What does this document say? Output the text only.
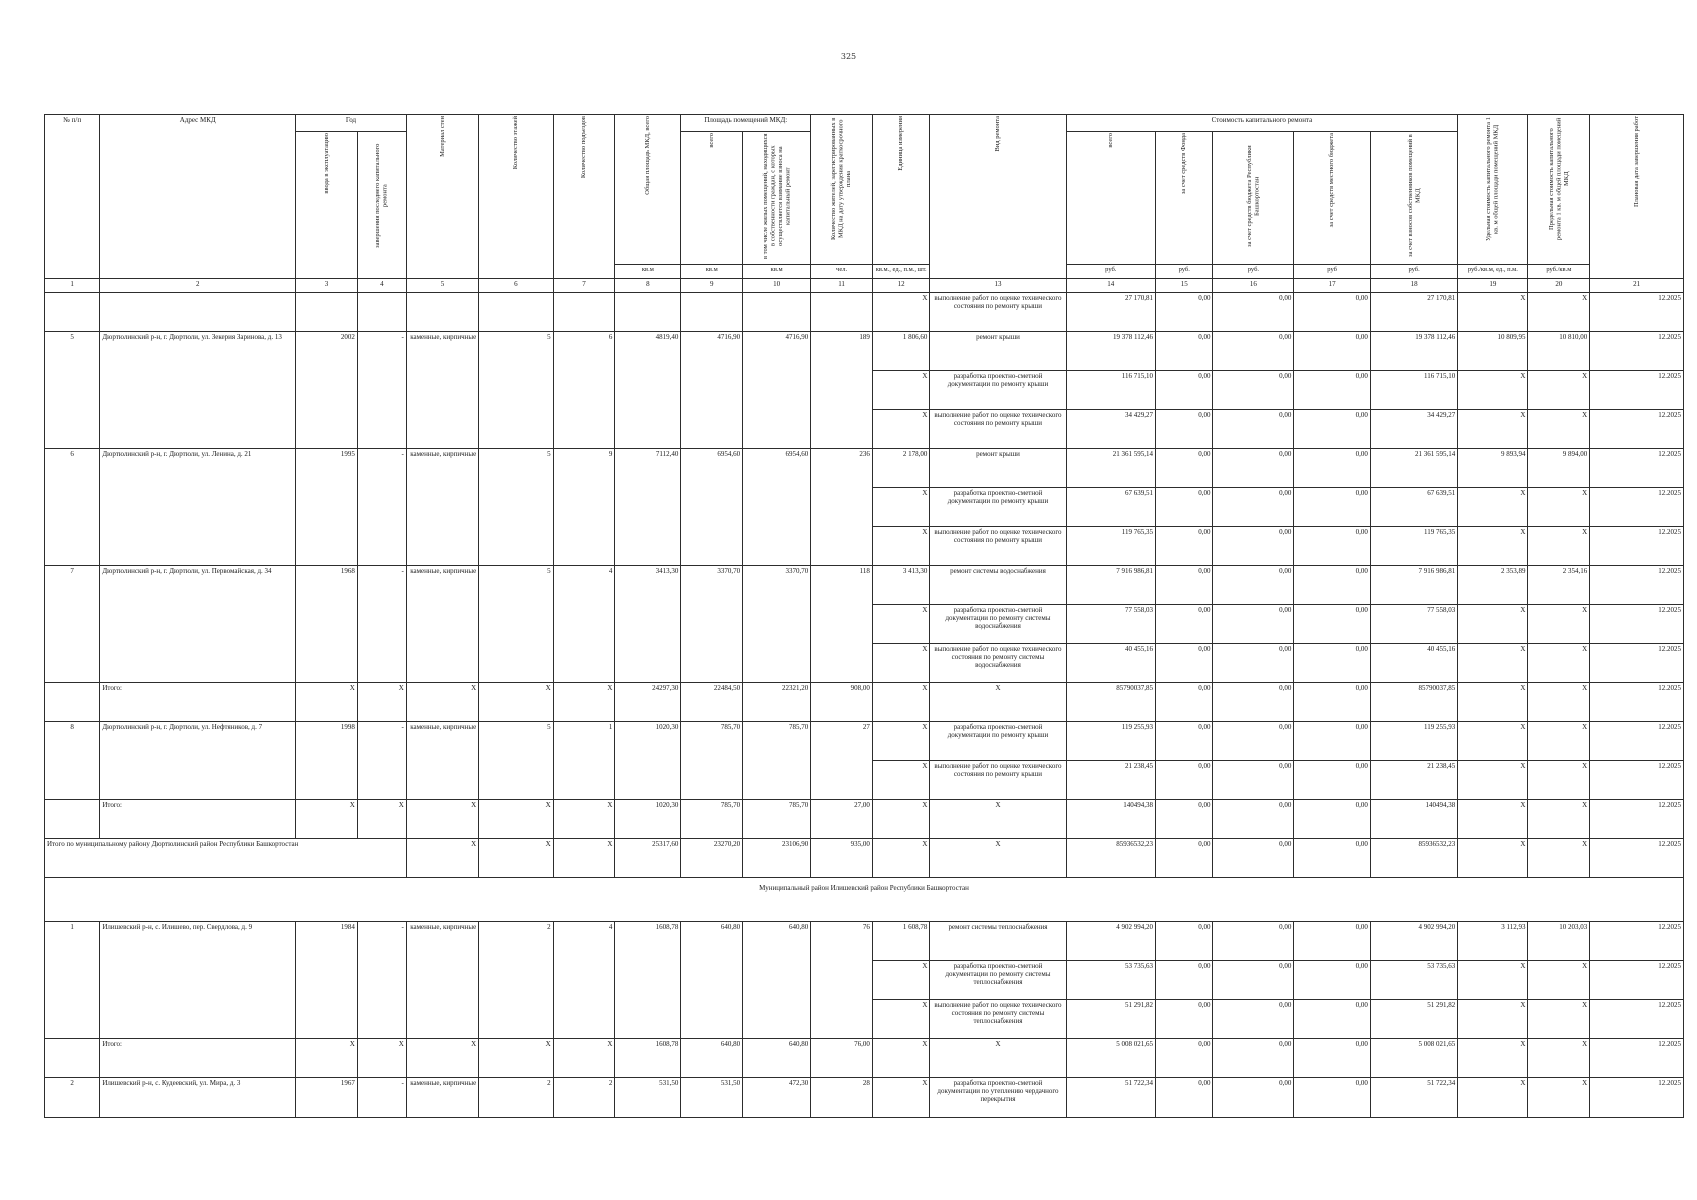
325
№ п/п	Адрес МКД	Год		Материал стен	Количество этажей	Количество подъездов	Общая площадь МКД, всего	Площадь помещений МКД:		Количество жителей, зарегистрированных в МКД на дату утверждения краткосрочного плана	Единица измерения	Вид ремонта	Стоимость капитального ремонта					Удельная стоимость капитального ремонта 1 кв. м общей площади помещений МКД	Предельная стоимость капитального ремонта 1 кв. м общей площади помещений МКД	Плановая дата завершения работ
		ввода в эксплуатацию	завершения последнего капитального ремонта					всего	в том числе жилых помещений, находящихся в собственности граждан, с которых осуществляется взимание взноса на капитальный ремонт				всего	за счет средств Фонда	за счет средств бюджета Республики Башкортостан	за счет средств местного бюджета	за счет взносов собственников помещений в МКД			
							кв.м	кв.м	кв.м	чел.	кв.м., ед., п.м., шт.		руб.	руб.	руб.	руб	руб.	руб./кв.м, ед., п.м.	руб./кв.м	
1	2	3	4	5	6	7	8	9	10	11	12	13	14	15	16	17	18	19	20	21
											X	выполнение работ по оценке технического состояния по ремонту крыши	27 170,81	0,00	0,00	0,00	27 170,81	X	X	12.2025
5	Дюртюлинский р-н, г. Дюртюли, ул. Зекерия Заринова, д. 13	2002	-	каменные, кирпичные	5	6	4819,40	4716,90	4716,90	189	1 806,60	ремонт крыши	19 378 112,46	0,00	0,00	0,00	19 378 112,46	10 809,95	10 810,00	12.2025
											X	разработка проектно-сметной документации по ремонту крыши	116 715,10	0,00	0,00	0,00	116 715,10	X	X	12.2025
											X	выполнение работ по оценке технического состояния по ремонту крыши	34 429,27	0,00	0,00	0,00	34 429,27	X	X	12.2025
6	Дюртюлинский р-н, г. Дюртюли, ул. Ленина, д. 21	1995	-	каменные, кирпичные	5	9	7112,40	6954,60	6954,60	236	2 178,00	ремонт крыши	21 361 595,14	0,00	0,00	0,00	21 361 595,14	9 893,94	9 894,00	12.2025
											X	разработка проектно-сметной документации по ремонту крыши	67 639,51	0,00	0,00	0,00	67 639,51	X	X	12.2025
											X	выполнение работ по оценке технического состояния по ремонту крыши	119 765,35	0,00	0,00	0,00	119 765,35	X	X	12.2025
7	Дюртюлинский р-н, г. Дюртюли, ул. Первомайская, д. 34	1968	-	каменные, кирпичные	5	4	3413,30	3370,70	3370,70	118	3 413,30	ремонт системы водоснабжения	7 916 986,81	0,00	0,00	0,00	7 916 986,81	2 353,89	2 354,16	12.2025
											X	разработка проектно-сметной документации по ремонту системы водоснабжения	77 558,03	0,00	0,00	0,00	77 558,03	X	X	12.2025
											X	выполнение работ по оценке технического состояния по ремонту системы водоснабжения	40 455,16	0,00	0,00	0,00	40 455,16	X	X	12.2025
	Итого:	X	X	X	X	X	24297,30	22484,50	22321,20	908,00	X	X	85790037,85	0,00	0,00	0,00	85790037,85	X	X	12.2025
8	Дюртюлинский р-н, г. Дюртюли, ул. Нефтяников, д. 7	1998	-	каменные, кирпичные	5	1	1020,30	785,70	785,70	27	X	разработка проектно-сметной документации по ремонту крыши	119 255,93	0,00	0,00	0,00	119 255,93	X	X	12.2025
											X	выполнение работ по оценке технического состояния по ремонту крыши	21 238,45	0,00	0,00	0,00	21 238,45	X	X	12.2025
	Итого:	X	X	X	X	X	1020,30	785,70	785,70	27,00	X	X	140494,38	0,00	0,00	0,00	140494,38	X	X	12.2025
Итого по муниципальному району Дюртюлинский район Республики Башкортостан				X	X	X	25317,60	23270,20	23106,90	935,00	X	X	85936532,23	0,00	0,00	0,00	85936532,23	X	X	12.2025
Муниципальный район Илишевский район Республики Башкортостан																				
1	Илишевский р-н, с. Илишево, пер. Свердлова, д. 9	1984	-	каменные, кирпичные	2	4	1608,78	640,80	640,80	76	1 608,78	ремонт системы теплоснабжения	4 902 994,20	0,00	0,00	0,00	4 902 994,20	3 112,93	10 203,03	12.2025
											X	разработка проектно-сметной документации по ремонту системы теплоснабжения	53 735,63	0,00	0,00	0,00	53 735,63	X	X	12.2025
											X	выполнение работ по оценке технического состояния по ремонту системы теплоснабжения	51 291,82	0,00	0,00	0,00	51 291,82	X	X	12.2025
	Итого:	X	X	X	X	X	1608,78	640,80	640,80	76,00	X	X	5 008 021,65	0,00	0,00	0,00	5 008 021,65	X	X	12.2025
2	Илишевский р-н, с. Кудеевский, ул. Мира, д. 3	1967	-	каменные, кирпичные	2	2	531,50	531,50	472,30	28	X	разработка проектно-сметной документации по утеплению чердачного перекрытия	51 722,34	0,00	0,00	0,00	51 722,34	X	X	12.2025
